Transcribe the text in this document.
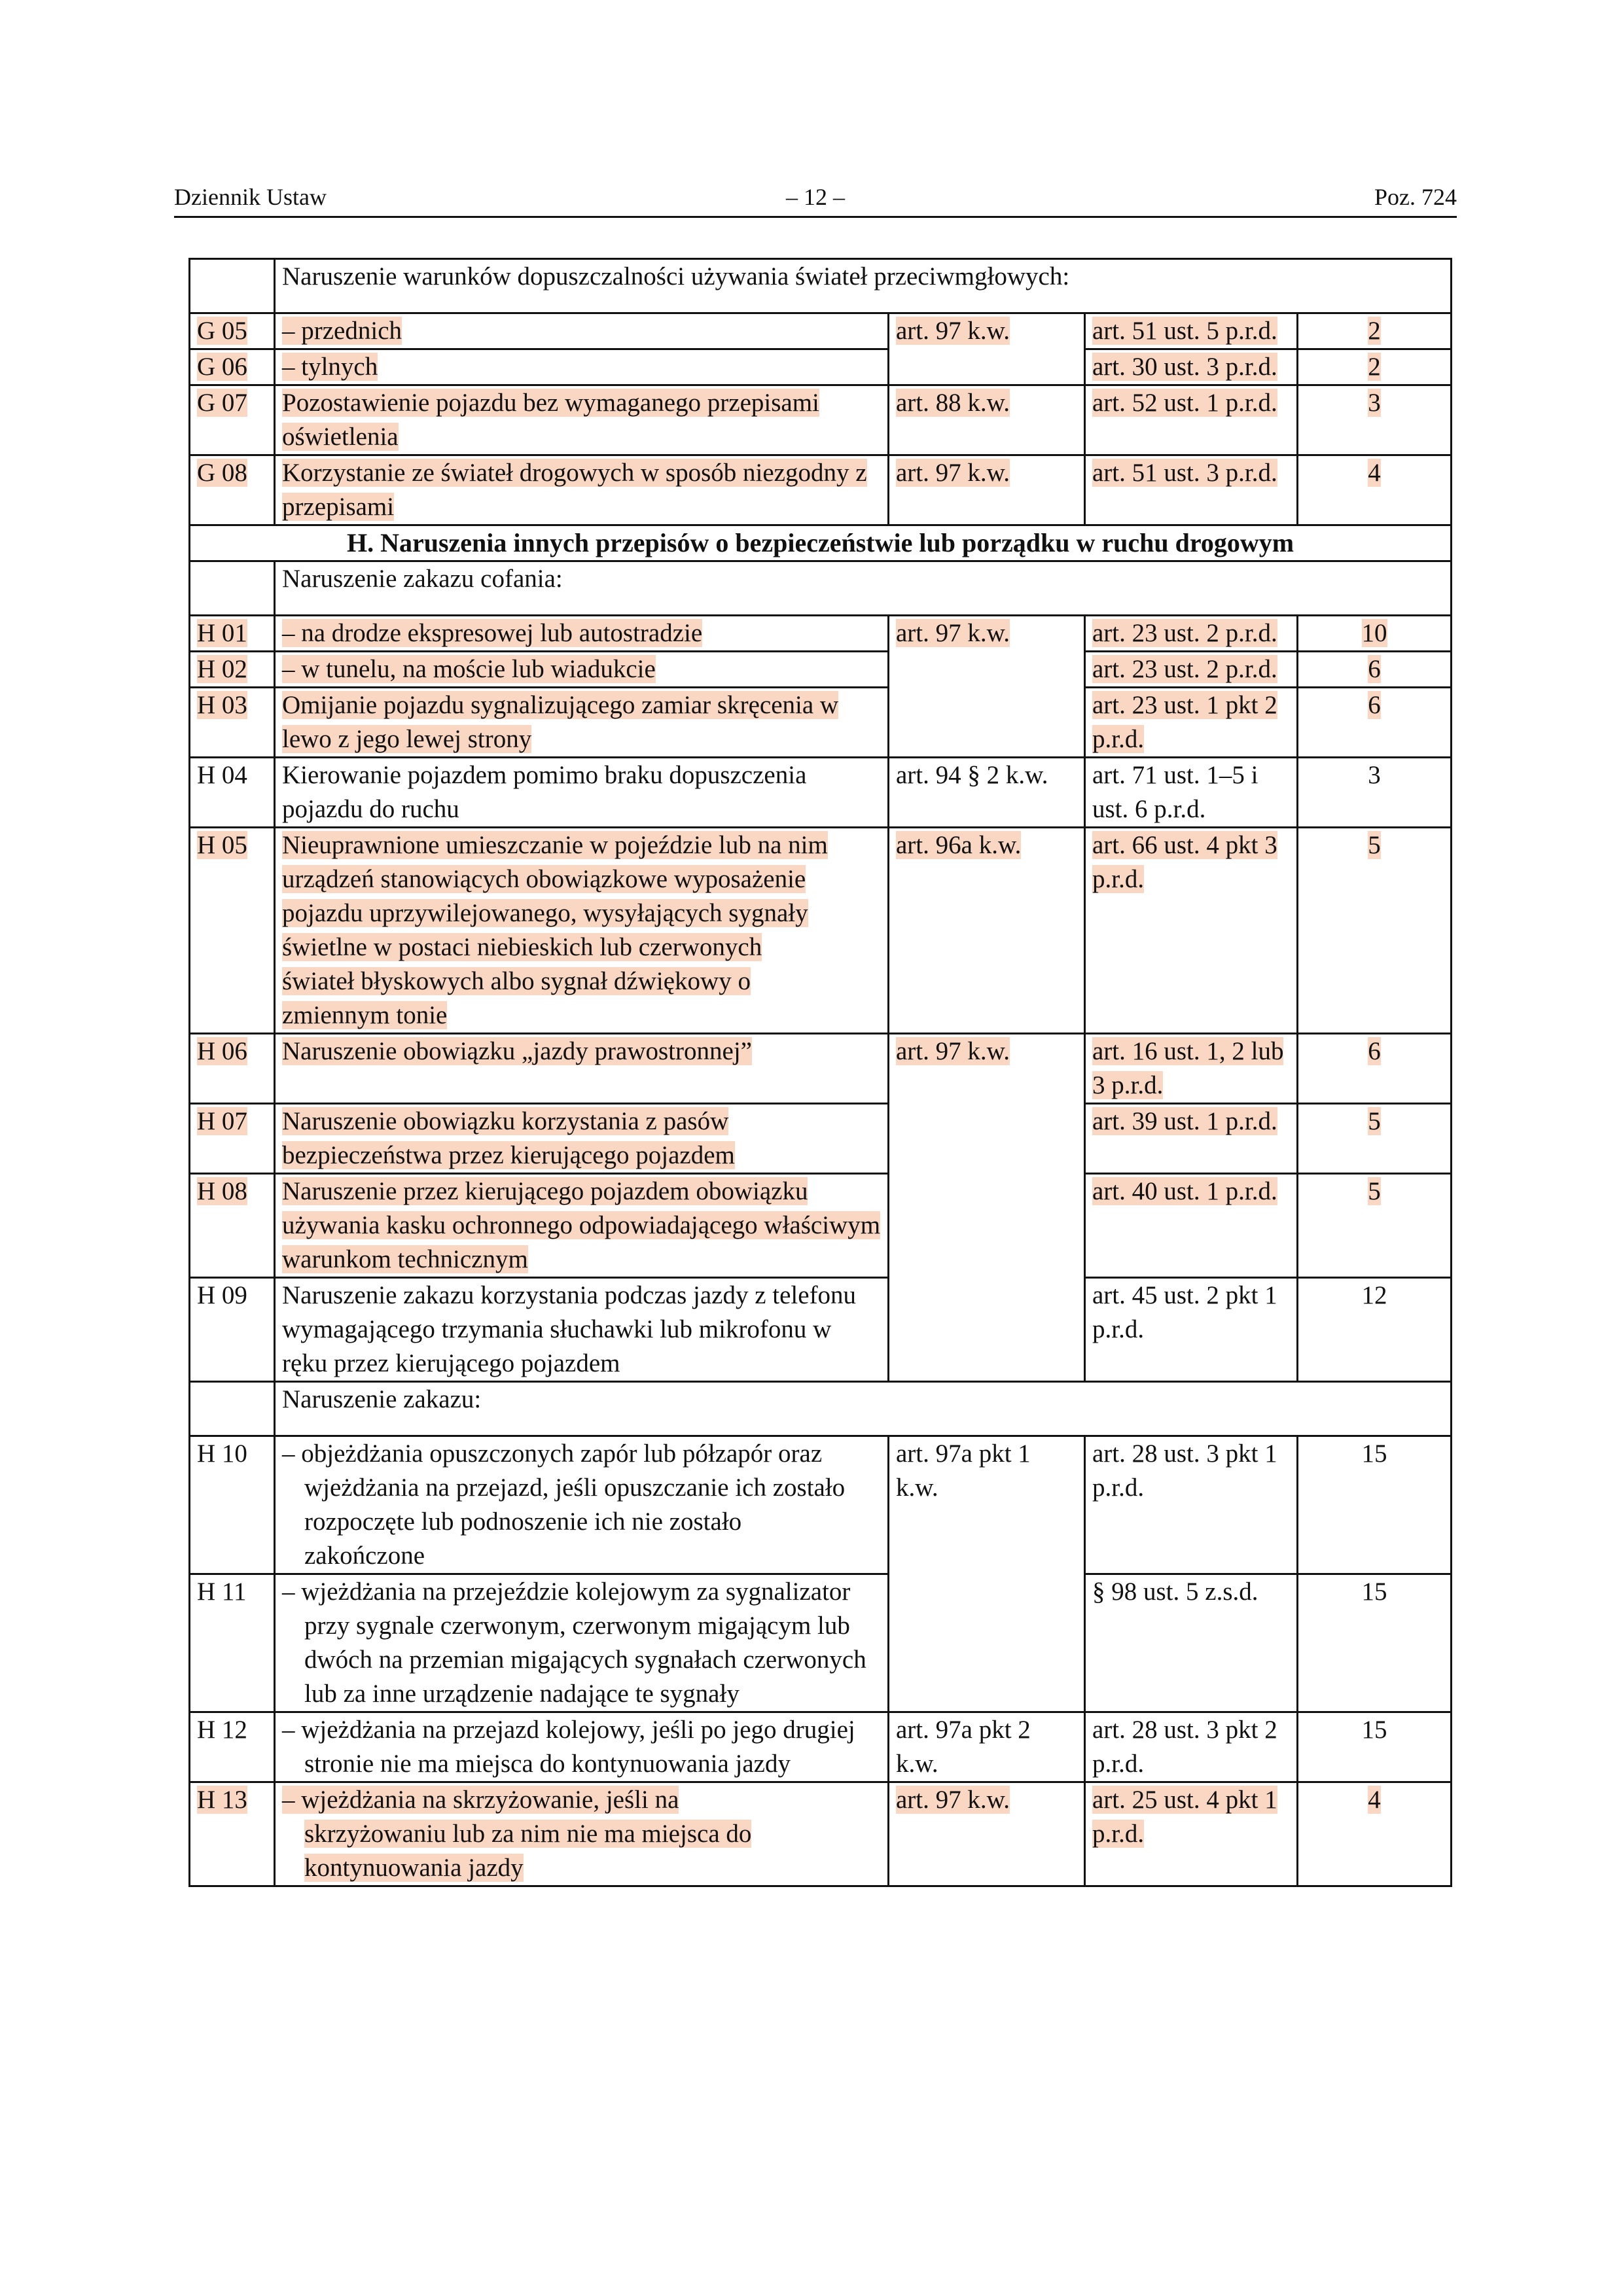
Dziennik Ustaw	– 12 –	Poz. 724
	Naruszenie warunków dopuszczalności używania świateł przeciwmgłowych:			
G 05	– przednich	art. 97 k.w.	art. 51 ust. 5 p.r.d.	2
G 06	– tylnych		art. 30 ust. 3 p.r.d.	2
G 07	Pozostawienie pojazdu bez wymaganego przepisami oświetlenia	art. 88 k.w.	art. 52 ust. 1 p.r.d.	3
G 08	Korzystanie ze świateł drogowych w sposób niezgodny z przepisami	art. 97 k.w.	art. 51 ust. 3 p.r.d.	4
H. Naruszenia innych przepisów o bezpieczeństwie lub porządku w ruchu drogowym				
	Naruszenie zakazu cofania:			
H 01	– na drodze ekspresowej lub autostradzie	art. 97 k.w.	art. 23 ust. 2 p.r.d.	10
H 02	– w tunelu, na moście lub wiadukcie		art. 23 ust. 2 p.r.d.	6
H 03	Omijanie pojazdu sygnalizującego zamiar skręcenia w lewo z jego lewej strony		art. 23 ust. 1 pkt 2 p.r.d.	6
H 04	Kierowanie pojazdem pomimo braku dopuszczenia pojazdu do ruchu	art. 94 § 2 k.w.	art. 71 ust. 1–5 i ust. 6 p.r.d.	3
H 05	Nieuprawnione umieszczanie w pojeździe lub na nim urządzeń stanowiących obowiązkowe wyposażenie pojazdu uprzywilejowanego, wysyłających sygnały świetlne w postaci niebieskich lub czerwonych świateł błyskowych albo sygnał dźwiękowy o zmiennym tonie	art. 96a k.w.	art. 66 ust. 4 pkt 3 p.r.d.	5
H 06	Naruszenie obowiązku „jazdy prawostronnej”	art. 97 k.w.	art. 16 ust. 1, 2 lub 3 p.r.d.	6
H 07	Naruszenie obowiązku korzystania z pasów bezpieczeństwa przez kierującego pojazdem		art. 39 ust. 1 p.r.d.	5
H 08	Naruszenie przez kierującego pojazdem obowiązku używania kasku ochronnego odpowiadającego właściwym warunkom technicznym		art. 40 ust. 1 p.r.d.	5
H 09	Naruszenie zakazu korzystania podczas jazdy z telefonu wymagającego trzymania słuchawki lub mikrofonu w ręku przez kierującego pojazdem		art. 45 ust. 2 pkt 1 p.r.d.	12
	Naruszenie zakazu:			
H 10	– objeżdżania opuszczonych zapór lub półzapór oraz wjeżdżania na przejazd, jeśli opuszczanie ich zostało rozpoczęte lub podnoszenie ich nie zostało zakończone	art. 97a pkt 1 k.w.	art. 28 ust. 3 pkt 1 p.r.d.	15
H 11	– wjeżdżania na przejeździe kolejowym za sygnalizator przy sygnale czerwonym, czerwonym migającym lub dwóch na przemian migających sygnałach czerwonych lub za inne urządzenie nadające te sygnały		§ 98 ust. 5 z.s.d.	15
H 12	– wjeżdżania na przejazd kolejowy, jeśli po jego drugiej stronie nie ma miejsca do kontynuowania jazdy	art. 97a pkt 2 k.w.	art. 28 ust. 3 pkt 2 p.r.d.	15
H 13	– wjeżdżania na skrzyżowanie, jeśli na skrzyżowaniu lub za nim nie ma miejsca do kontynuowania jazdy	art. 97 k.w.	art. 25 ust. 4 pkt 1 p.r.d.	4
